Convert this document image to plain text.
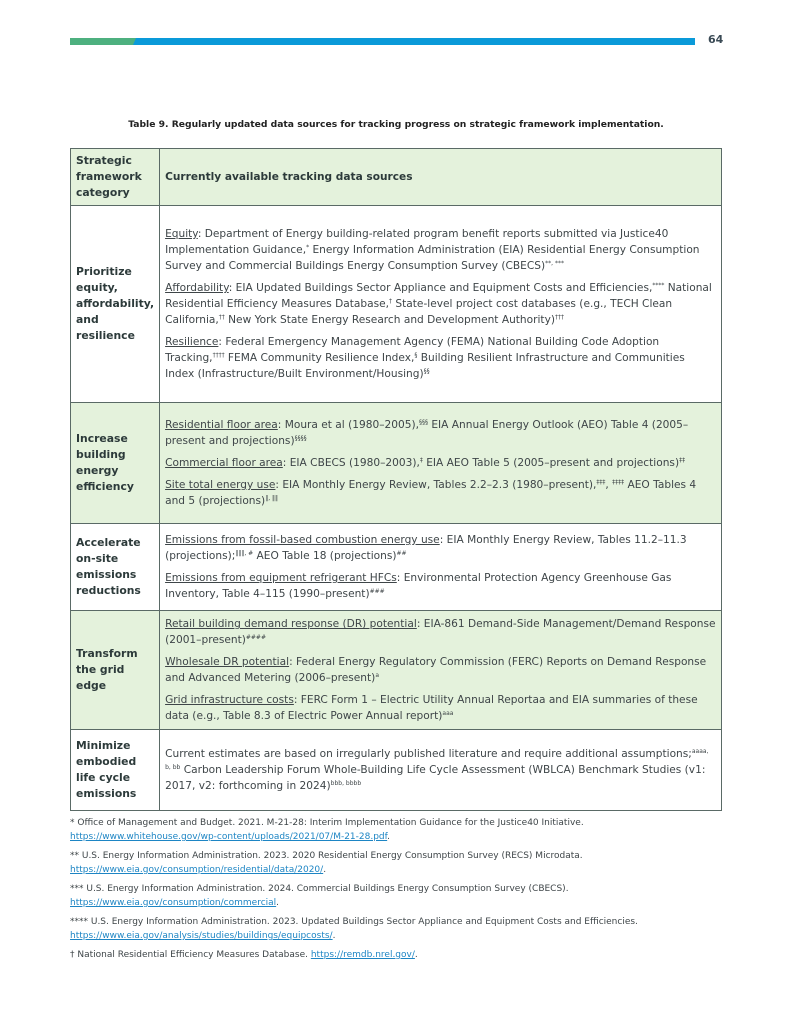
64
Table 9. Regularly updated data sources for tracking progress on strategic framework implementation.
Strategic framework category	Currently available tracking data sources
Prioritize equity, affordability, and resilience	Equity: Department of Energy building-related program benefit reports submitted via Justice40 Implementation Guidance,* Energy Information Administration (EIA) Residential Energy Consumption Survey and Commercial Buildings Energy Consumption Survey (CBECS)**, ***

Affordability: EIA Updated Buildings Sector Appliance and Equipment Costs and Efficiencies,**** National Residential Efficiency Measures Database,† State-level project cost databases (e.g., TECH Clean California,†† New York State Energy Research and Development Authority)†††

Resilience: Federal Emergency Management Agency (FEMA) National Building Code Adoption Tracking,†††† FEMA Community Resilience Index,§ Building Resilient Infrastructure and Communities Index (Infrastructure/Built Environment/Housing)§§

Increase building energy efficiency	Residential floor area: Moura et al (1980–2005),§§§ EIA Annual Energy Outlook (AEO) Table 4 (2005–present and projections)§§§§

Commercial floor area: EIA CBECS (1980–2003),‡ EIA AEO Table 5 (2005–present and projections)‡‡

Site total energy use: EIA Monthly Energy Review, Tables 2.2–2.3 (1980–present),‡‡‡, ‡‡‡‡ AEO Tables 4 and 5 (projections)‖, ‖‖

Accelerate on-site emissions reductions	Emissions from fossil-based combustion energy use: EIA Monthly Energy Review, Tables 11.2–11.3 (projections);‖‖‖, # AEO Table 18 (projections)##

Emissions from equipment refrigerant HFCs: Environmental Protection Agency Greenhouse Gas Inventory, Table 4–115 (1990–present)###

Transform the grid edge	Retail building demand response (DR) potential: EIA-861 Demand-Side Management/Demand Response (2001–present)####

Wholesale DR potential: Federal Energy Regulatory Commission (FERC) Reports on Demand Response and Advanced Metering (2006–present)$^a$

Grid infrastructure costs: FERC Form 1 – Electric Utility Annual Reportaa and EIA summaries of these data (e.g., Table 8.3 of Electric Power Annual report)$^{aaa}$

Minimize embodied life cycle emissions	Current estimates are based on irregularly published literature and require additional assumptions;$^{aaaa, b, bb}$ Carbon Leadership Forum Whole-Building Life Cycle Assessment (WBLCA) Benchmark Studies (v1: 2017, v2: forthcoming in 2024)$^{bbb, bbbb}$

* Office of Management and Budget. 2021. M-21-28: Interim Implementation Guidance for the Justice40 Initiative. https://www.whitehouse.gov/wp-content/uploads/2021/07/M-21-28.pdf.

** U.S. Energy Information Administration. 2023. 2020 Residential Energy Consumption Survey (RECS) Microdata. https://www.eia.gov/consumption/residential/data/2020/.

*** U.S. Energy Information Administration. 2024. Commercial Buildings Energy Consumption Survey (CBECS). https://www.eia.gov/consumption/commercial.

**** U.S. Energy Information Administration. 2023. Updated Buildings Sector Appliance and Equipment Costs and Efficiencies. https://www.eia.gov/analysis/studies/buildings/equipcosts/.

† National Residential Efficiency Measures Database. https://remdb.nrel.gov/.
